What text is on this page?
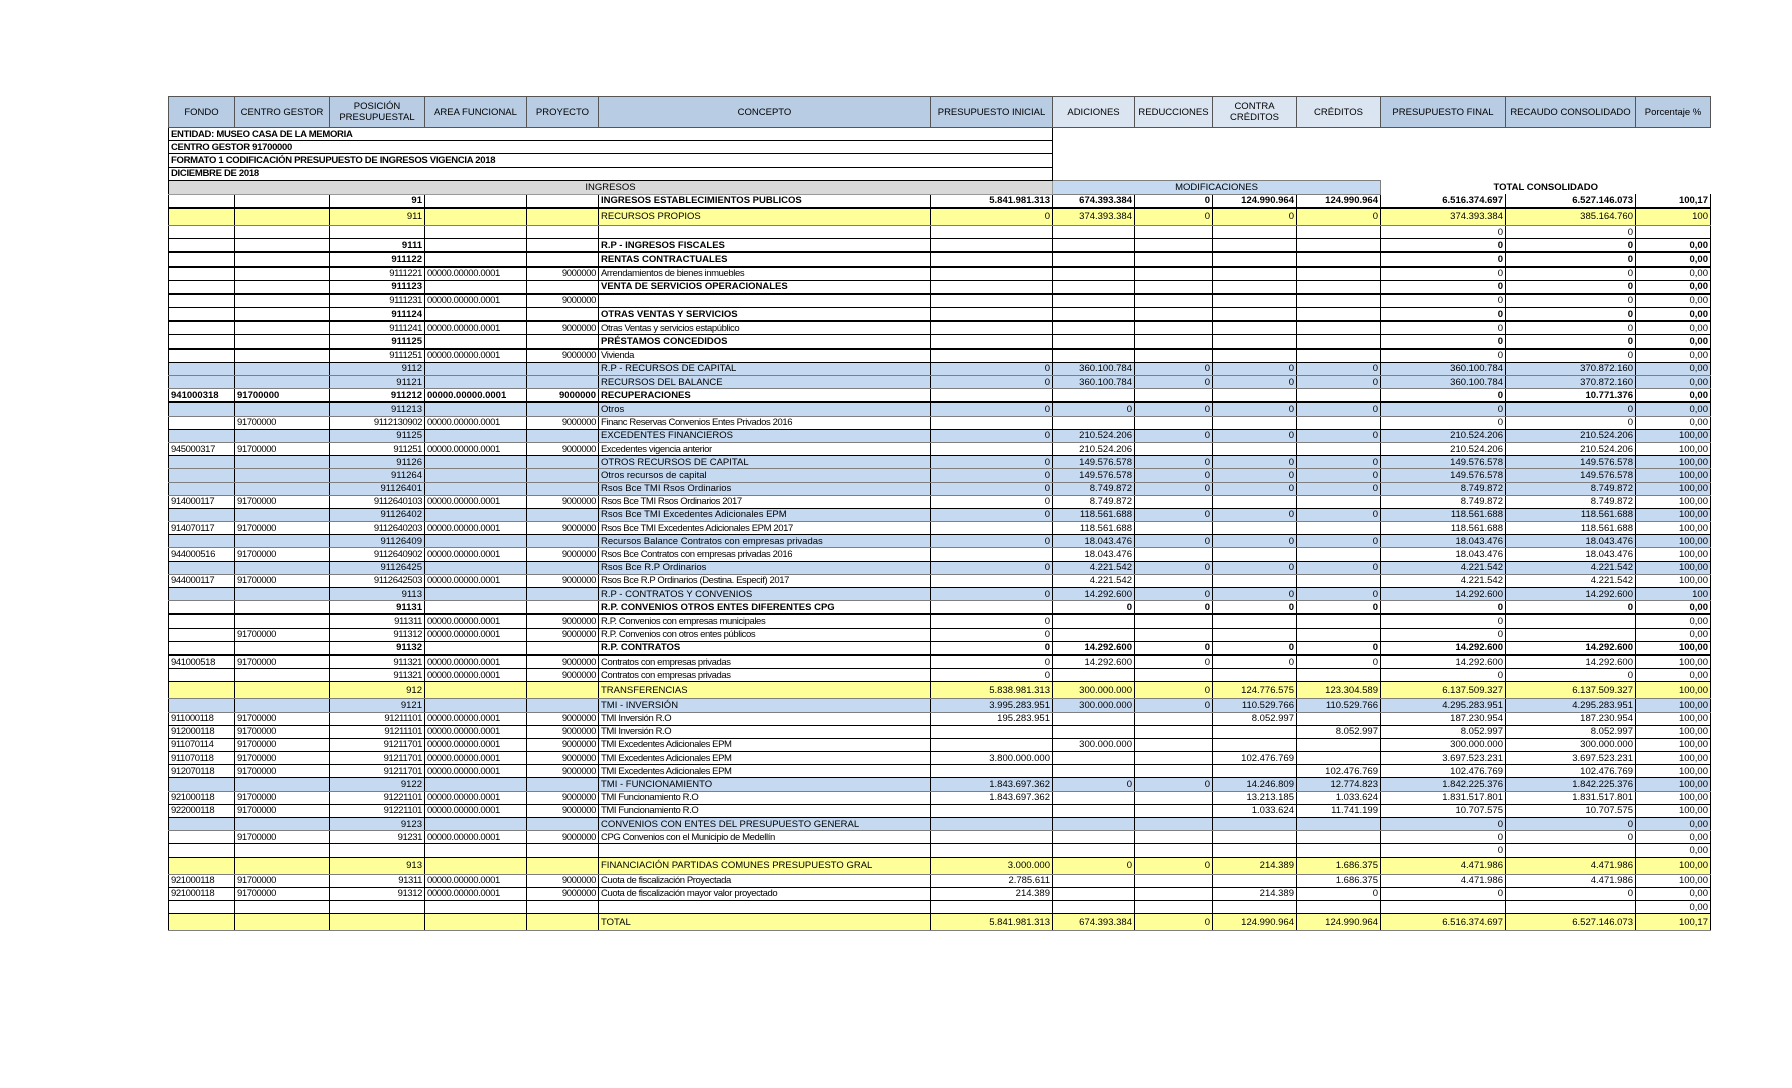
ENTIDAD: MUSEO CASA DE LA MEMORIA													
CENTRO GESTOR 91700000													
FORMATO 1 CODIFICACIÓN PRESUPUESTO DE INGRESOS VIGENCIA 2018													
DICIEMBRE DE 2018													
INGRESOS							MODIFICACIONES				TOTAL CONSOLIDADO		
FONDO	CENTRO GESTOR	POSICIÓN PRESUPUESTAL	AREA FUNCIONAL	PROYECTO	CONCEPTO	PRESUPUESTO INICIAL	ADICIONES	REDUCCIONES	CONTRA CRÉDITOS	CRÉDITOS	PRESUPUESTO FINAL	RECAUDO CONSOLIDADO	Porcentaje %
		91			INGRESOS ESTABLECIMIENTOS PUBLICOS	5.841.981.313	674.393.384	0	124.990.964	124.990.964	6.516.374.697	6.527.146.073	100,17
		911			RECURSOS PROPIOS	0	374.393.384	0	0	0	374.393.384	385.164.760	100
											0	0	
		9111			R.P - INGRESOS FISCALES						0	0	0,00
		911122			RENTAS CONTRACTUALES						0	0	0,00
		9111221	00000.00000.0001	9000000	Arrendamientos de bienes inmuebles						0	0	0,00
		911123			VENTA DE SERVICIOS OPERACIONALES						0	0	0,00
		9111231	00000.00000.0001	9000000							0	0	0,00
		911124			OTRAS VENTAS Y SERVICIOS						0	0	0,00
		9111241	00000.00000.0001	9000000	Otras Ventas y servicios estapúblico						0	0	0,00
		911125			PRÉSTAMOS CONCEDIDOS						0	0	0,00
		9111251	00000.00000.0001	9000000	Vivienda						0	0	0,00
		9112			R.P - RECURSOS DE CAPITAL	0	360.100.784	0	0	0	360.100.784	370.872.160	0,00
		91121			RECURSOS DEL BALANCE	0	360.100.784	0	0	0	360.100.784	370.872.160	0,00
941000318	91700000	911212	00000.00000.0001	9000000	RECUPERACIONES						0	10.771.376	0,00
		911213			Otros	0	0	0	0	0	0	0	0,00
	91700000	9112130902	00000.00000.0001	9000000	Financ Reservas Convenios Entes Privados 2016						0	0	0,00
		91125			EXCEDENTES FINANCIEROS	0	210.524.206	0	0	0	210.524.206	210.524.206	100,00
945000317	91700000	911251	00000.00000.0001	9000000	Excedentes vigencia anterior		210.524.206				210.524.206	210.524.206	100,00
		91126			OTROS RECURSOS DE CAPITAL	0	149.576.578	0	0	0	149.576.578	149.576.578	100,00
		911264			Otros recursos de capital	0	149.576.578	0	0	0	149.576.578	149.576.578	100,00
		91126401			Rsos Bce TMI Rsos Ordinarios	0	8.749.872	0	0	0	8.749.872	8.749.872	100,00
914000117	91700000	9112640103	00000.00000.0001	9000000	Rsos Bce TMI Rsos Ordinarios 2017	0	8.749.872				8.749.872	8.749.872	100,00
		91126402			Rsos Bce TMI Excedentes Adicionales EPM	0	118.561.688	0	0	0	118.561.688	118.561.688	100,00
914070117	91700000	9112640203	00000.00000.0001	9000000	Rsos Bce TMI Excedentes Adicionales EPM 2017		118.561.688				118.561.688	118.561.688	100,00
		91126409			Recursos Balance Contratos con empresas privadas	0	18.043.476	0	0	0	18.043.476	18.043.476	100,00
944000516	91700000	9112640902	00000.00000.0001	9000000	Rsos Bce Contratos con empresas privadas 2016		18.043.476				18.043.476	18.043.476	100,00
		91126425			Rsos Bce R.P Ordinarios	0	4.221.542	0	0	0	4.221.542	4.221.542	100,00
944000117	91700000	9112642503	00000.00000.0001	9000000	Rsos Bce R.P Ordinarios (Destina. Especif) 2017		4.221.542				4.221.542	4.221.542	100,00
		9113			R.P - CONTRATOS Y CONVENIOS	0	14.292.600	0	0	0	14.292.600	14.292.600	100
		91131			R.P. CONVENIOS OTROS ENTES DIFERENTES CPG		0	0	0	0	0	0	0,00
		911311	00000.00000.0001	9000000	R.P. Convenios con empresas municipales	0					0		0,00
	91700000	911312	00000.00000.0001	9000000	R.P. Convenios con otros entes públicos	0					0		0,00
		91132			R.P. CONTRATOS	0	14.292.600	0	0	0	14.292.600	14.292.600	100,00
941000518	91700000	911321	00000.00000.0001	9000000	Contratos con empresas privadas	0	14.292.600	0	0	0	14.292.600	14.292.600	100,00
		911321	00000.00000.0001	9000000	Contratos con empresas privadas	0					0	0	0,00
		912			TRANSFERENCIAS	5.838.981.313	300.000.000	0	124.776.575	123.304.589	6.137.509.327	6.137.509.327	100,00
		9121			TMI - INVERSIÓN	3.995.283.951	300.000.000	0	110.529.766	110.529.766	4.295.283.951	4.295.283.951	100,00
911000118	91700000	91211101	00000.00000.0001	9000000	TMI Inversión R.O	195.283.951			8.052.997		187.230.954	187.230.954	100,00
912000118	91700000	91211101	00000.00000.0001	9000000	TMI Inversión R.O					8.052.997	8.052.997	8.052.997	100,00
911070114	91700000	91211701	00000.00000.0001	9000000	TMI Excedentes Adicionales EPM		300.000.000				300.000.000	300.000.000	100,00
911070118	91700000	91211701	00000.00000.0001	9000000	TMI Excedentes Adicionales EPM	3.800.000.000			102.476.769		3.697.523.231	3.697.523.231	100,00
912070118	91700000	91211701	00000.00000.0001	9000000	TMI Excedentes Adicionales EPM					102.476.769	102.476.769	102.476.769	100,00
		9122			TMI - FUNCIONAMIENTO	1.843.697.362	0	0	14.246.809	12.774.823	1.842.225.376	1.842.225.376	100,00
921000118	91700000	91221101	00000.00000.0001	9000000	TMI Funcionamiento R.O	1.843.697.362			13.213.185	1.033.624	1.831.517.801	1.831.517.801	100,00
922000118	91700000	91221101	00000.00000.0001	9000000	TMI Funcionamiento R.O				1.033.624	11.741.199	10.707.575	10.707.575	100,00
		9123			CONVENIOS CON ENTES DEL PRESUPUESTO GENERAL						0	0	0,00
	91700000	91231	00000.00000.0001	9000000	CPG Convenios con el Municipio de Medellín						0	0	0,00
											0		0,00
		913			FINANCIACIÓN PARTIDAS COMUNES PRESUPUESTO GRAL	3.000.000	0	0	214.389	1.686.375	4.471.986	4.471.986	100,00
921000118	91700000	91311	00000.00000.0001	9000000	Cuota de fiscalización Proyectada	2.785.611				1.686.375	4.471.986	4.471.986	100,00
921000118	91700000	91312	00000.00000.0001	9000000	Cuota de fiscalización mayor valor proyectado	214.389			214.389	0	0	0	0,00
													0,00
					TOTAL	5.841.981.313	674.393.384	0	124.990.964	124.990.964	6.516.374.697	6.527.146.073	100,17
